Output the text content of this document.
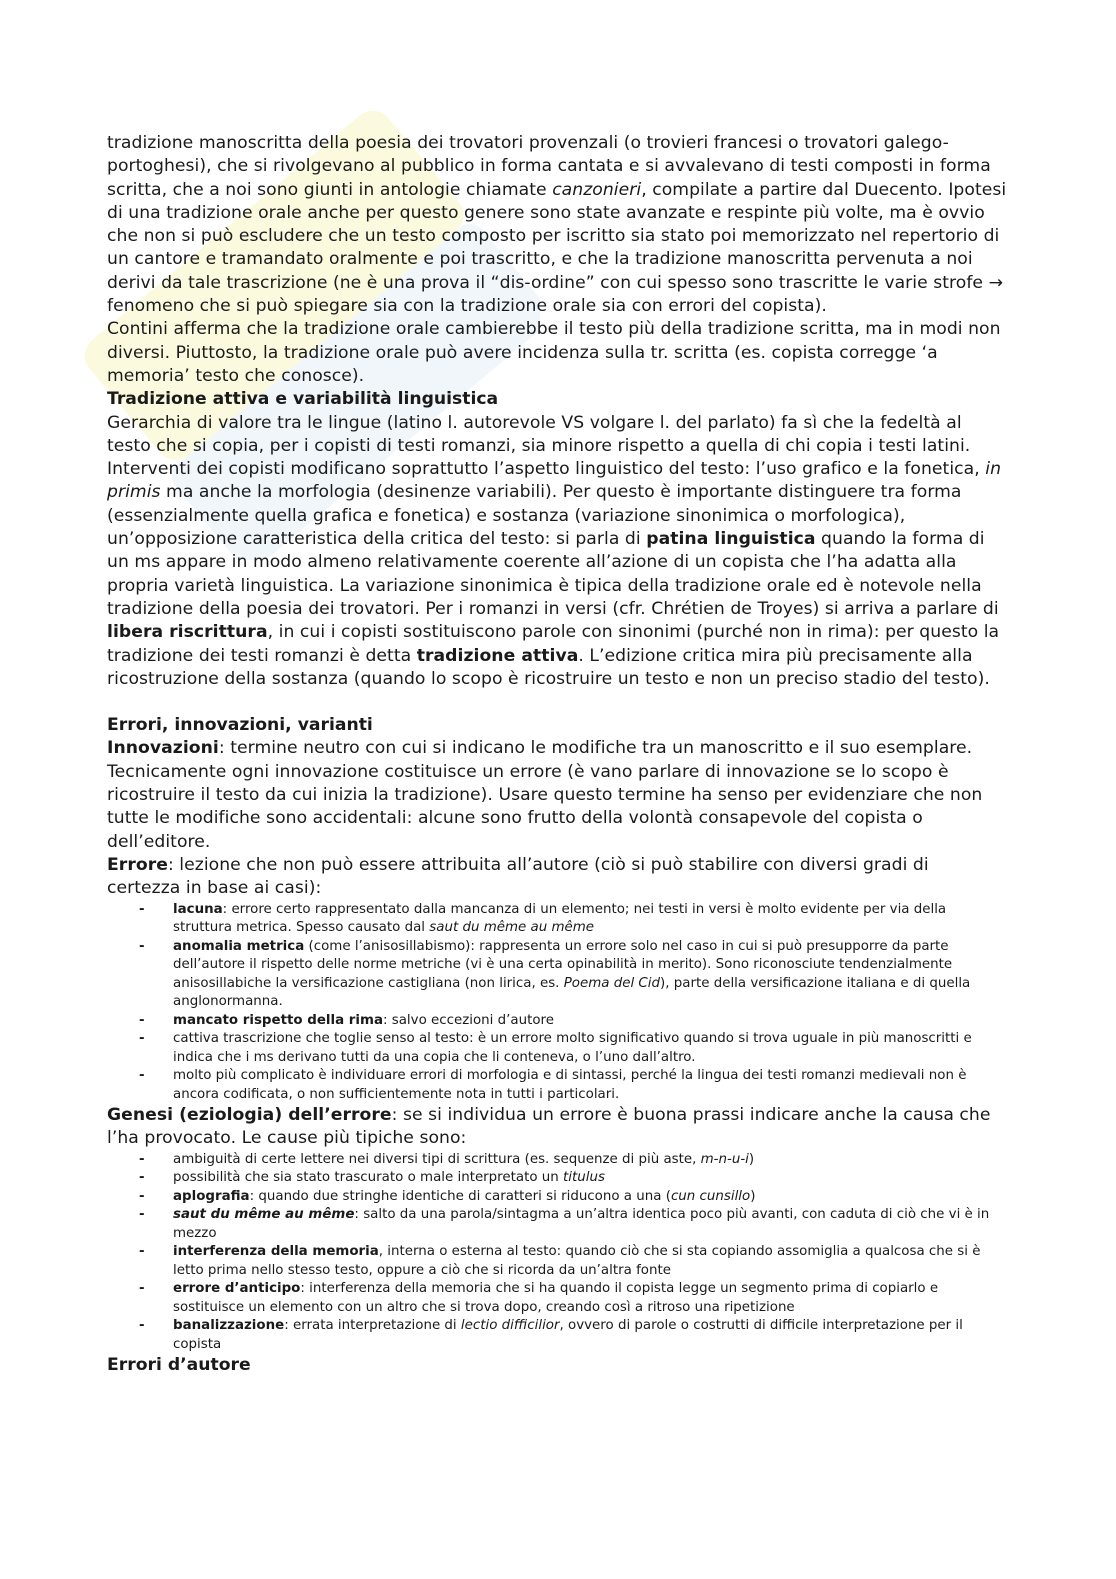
tradizione manoscritta della poesia dei trovatori provenzali (o trovieri francesi o trovatori galego-portoghesi), che si rivolgevano al pubblico in forma cantata e si avvalevano di testi composti in forma scritta, che a noi sono giunti in antologie chiamate canzonieri, compilate a partire dal Duecento. Ipotesi di una tradizione orale anche per questo genere sono state avanzate e respinte più volte, ma è ovvio che non si può escludere che un testo composto per iscritto sia stato poi memorizzato nel repertorio di un cantore e tramandato oralmente e poi trascritto, e che la tradizione manoscritta pervenuta a noi derivi da tale trascrizione (ne è una prova il “dis-ordine” con cui spesso sono trascritte le varie strofe → fenomeno che si può spiegare sia con la tradizione orale sia con errori del copista).

Contini afferma che la tradizione orale cambierebbe il testo più della tradizione scritta, ma in modi non diversi. Piuttosto, la tradizione orale può avere incidenza sulla tr. scritta (es. copista corregge ‘a memoria’ testo che conosce).

Tradizione attiva e variabilità linguistica

Gerarchia di valore tra le lingue (latino l. autorevole VS volgare l. del parlato) fa sì che la fedeltà al testo che si copia, per i copisti di testi romanzi, sia minore rispetto a quella di chi copia i testi latini. Interventi dei copisti modificano soprattutto l’aspetto linguistico del testo: l’uso grafico e la fonetica, in primis ma anche la morfologia (desinenze variabili). Per questo è importante distinguere tra forma (essenzialmente quella grafica e fonetica) e sostanza (variazione sinonimica o morfologica), un’opposizione caratteristica della critica del testo: si parla di patina linguistica quando la forma di un ms appare in modo almeno relativamente coerente all’azione di un copista che l’ha adatta alla propria varietà linguistica. La variazione sinonimica è tipica della tradizione orale ed è notevole nella tradizione della poesia dei trovatori. Per i romanzi in versi (cfr. Chrétien de Troyes) si arriva a parlare di libera riscrittura, in cui i copisti sostituiscono parole con sinonimi (purché non in rima): per questo la tradizione dei testi romanzi è detta tradizione attiva. L’edizione critica mira più precisamente alla ricostruzione della sostanza (quando lo scopo è ricostruire un testo e non un preciso stadio del testo).

Errori, innovazioni, varianti

Innovazioni: termine neutro con cui si indicano le modifiche tra un manoscritto e il suo esemplare. Tecnicamente ogni innovazione costituisce un errore (è vano parlare di innovazione se lo scopo è ricostruire il testo da cui inizia la tradizione). Usare questo termine ha senso per evidenziare che non tutte le modifiche sono accidentali: alcune sono frutto della volontà consapevole del copista o dell’editore.

Errore: lezione che non può essere attribuita all’autore (ciò si può stabilire con diversi gradi di certezza in base ai casi):

- lacuna: errore certo rappresentato dalla mancanza di un elemento; nei testi in versi è molto evidente per via della struttura metrica. Spesso causato dal saut du même au même
- anomalia metrica (come l’anisosillabismo): rappresenta un errore solo nel caso in cui si può presupporre da parte dell’autore il rispetto delle norme metriche (vi è una certa opinabilità in merito). Sono riconosciute tendenzialmente anisosillabiche la versificazione castigliana (non lirica, es. Poema del Cid), parte della versificazione italiana e di quella anglonormanna.
- mancato rispetto della rima: salvo eccezioni d’autore
- cattiva trascrizione che toglie senso al testo: è un errore molto significativo quando si trova uguale in più manoscritti e indica che i ms derivano tutti da una copia che li conteneva, o l’uno dall’altro.
- molto più complicato è individuare errori di morfologia e di sintassi, perché la lingua dei testi romanzi medievali non è ancora codificata, o non sufficientemente nota in tutti i particolari.

Genesi (eziologia) dell’errore: se si individua un errore è buona prassi indicare anche la causa che l’ha provocato. Le cause più tipiche sono:

- ambiguità di certe lettere nei diversi tipi di scrittura (es. sequenze di più aste, m-n-u-i)
- possibilità che sia stato trascurato o male interpretato un titulus
- aplografia: quando due stringhe identiche di caratteri si riducono a una (cun cunsillo)
- saut du même au même: salto da una parola/sintagma a un’altra identica poco più avanti, con caduta di ciò che vi è in mezzo
- interferenza della memoria, interna o esterna al testo: quando ciò che si sta copiando assomiglia a qualcosa che si è letto prima nello stesso testo, oppure a ciò che si ricorda da un’altra fonte
- errore d’anticipo: interferenza della memoria che si ha quando il copista legge un segmento prima di copiarlo e sostituisce un elemento con un altro che si trova dopo, creando così a ritroso una ripetizione
- banalizzazione: errata interpretazione di lectio difficilior, ovvero di parole o costrutti di difficile interpretazione per il copista
Errori d’autore
